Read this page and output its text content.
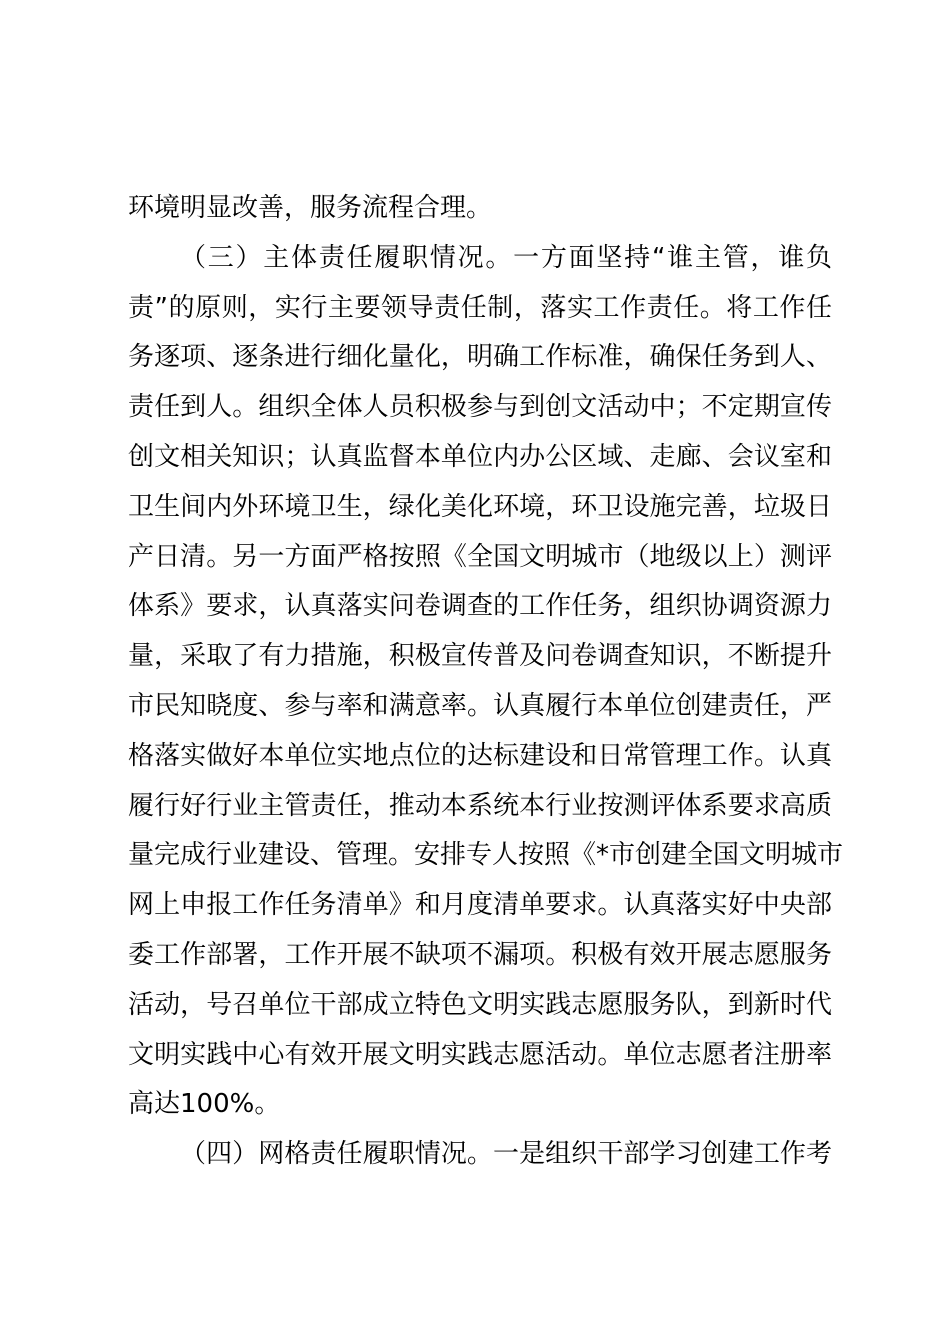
环境明显改善，服务流程合理。
（三）主体责任履职情况。一方面坚持“谁主管，谁负
责”的原则，实行主要领导责任制，落实工作责任。将工作任
务逐项、逐条进行细化量化，明确工作标准，确保任务到人、
责任到人。组织全体人员积极参与到创文活动中；不定期宣传
创文相关知识；认真监督本单位内办公区域、走廊、会议室和
卫生间内外环境卫生，绿化美化环境，环卫设施完善，垃圾日
产日清。另一方面严格按照《全国文明城市（地级以上）测评
体系》要求，认真落实问卷调查的工作任务，组织协调资源力
量，采取了有力措施，积极宣传普及问卷调查知识，不断提升
市民知晓度、参与率和满意率。认真履行本单位创建责任，严
格落实做好本单位实地点位的达标建设和日常管理工作。认真
履行好行业主管责任，推动本系统本行业按测评体系要求高质
量完成行业建设、管理。安排专人按照《*市创建全国文明城市
网上申报工作任务清单》和月度清单要求。认真落实好中央部
委工作部署，工作开展不缺项不漏项。积极有效开展志愿服务
活动，号召单位干部成立特色文明实践志愿服务队，到新时代
文明实践中心有效开展文明实践志愿活动。单位志愿者注册率
高达100%。
（四）网格责任履职情况。一是组织干部学习创建工作考
